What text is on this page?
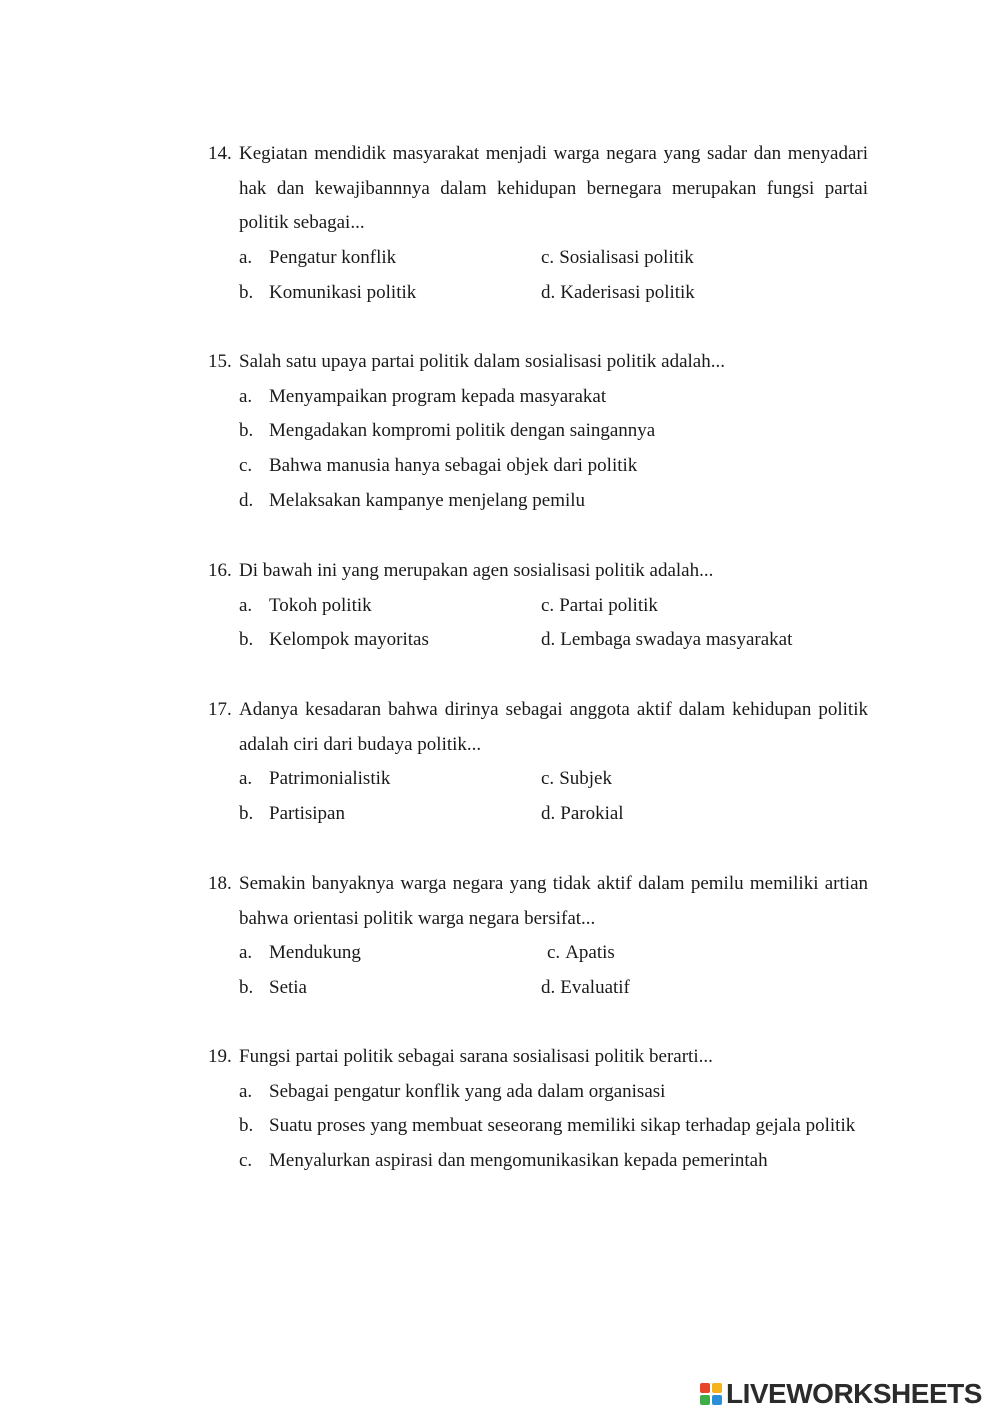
14. Kegiatan mendidik masyarakat menjadi warga negara yang sadar dan menyadari hak dan kewajibannnya dalam kehidupan bernegara merupakan fungsi partai politik sebagai...
a. Pengatur konflik	c. Sosialisasi politik
b. Komunikasi politik	d. Kaderisasi politik
15. Salah satu upaya partai politik dalam sosialisasi politik adalah...
a. Menyampaikan program kepada masyarakat
b. Mengadakan kompromi politik dengan saingannya
c. Bahwa manusia hanya sebagai objek dari politik
d. Melaksakan kampanye menjelang pemilu
16. Di bawah ini yang merupakan agen sosialisasi politik adalah...
a. Tokoh politik	c. Partai politik
b. Kelompok mayoritas	d. Lembaga swadaya masyarakat
17. Adanya kesadaran bahwa dirinya sebagai anggota aktif dalam kehidupan politik adalah ciri dari budaya politik...
a. Patrimonialistik	c. Subjek
b. Partisipan	d. Parokial
18. Semakin banyaknya warga negara yang tidak aktif dalam pemilu memiliki artian bahwa orientasi politik warga negara bersifat...
a. Mendukung	c. Apatis
b. Setia	d. Evaluatif
19. Fungsi partai politik sebagai sarana sosialisasi politik berarti...
a. Sebagai pengatur konflik yang ada dalam organisasi
b. Suatu proses yang membuat seseorang memiliki sikap terhadap gejala politik
c. Menyalurkan aspirasi dan mengomunikasikan kepada pemerintah
LIVEWORKSHEETS
